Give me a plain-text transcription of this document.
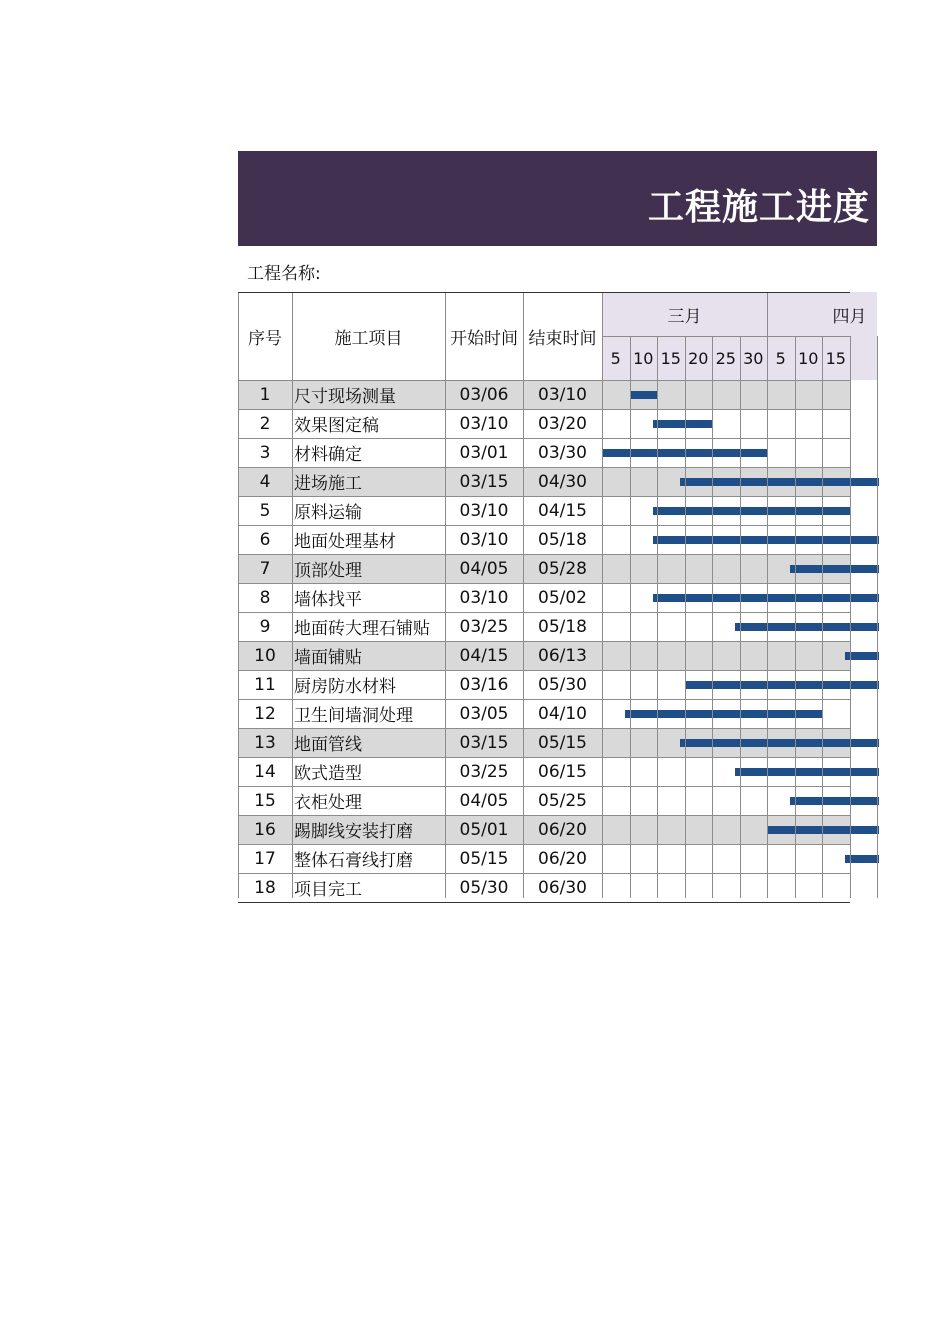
工程施工进度
工程名称:
序号	施工项目	开始时间 结束时间
三月	四月
5 10 15 20 25 30 5 10 15
1	尺寸现场测量	03/06	03/10
2	效果图定稿	03/10	03/20
3	材料确定	03/01	03/30
4	进场施工	03/15	04/30
5	原料运输	03/10	04/15
6	地面处理基材	03/10	05/18
7	顶部处理	04/05	05/28
8	墙体找平	03/10	05/02
9	地面砖大理石铺贴	03/25	05/18
10	墙面铺贴	04/15	06/13
11	厨房防水材料	03/16	05/30
12	卫生间墙洞处理	03/05	04/10
13	地面管线	03/15	05/15
14	欧式造型	03/25	06/15
15	衣柜处理	04/05	05/25
16	踢脚线安装打磨	05/01	06/20
17	整体石膏线打磨	05/15	06/20
18	项目完工	05/30	06/30
